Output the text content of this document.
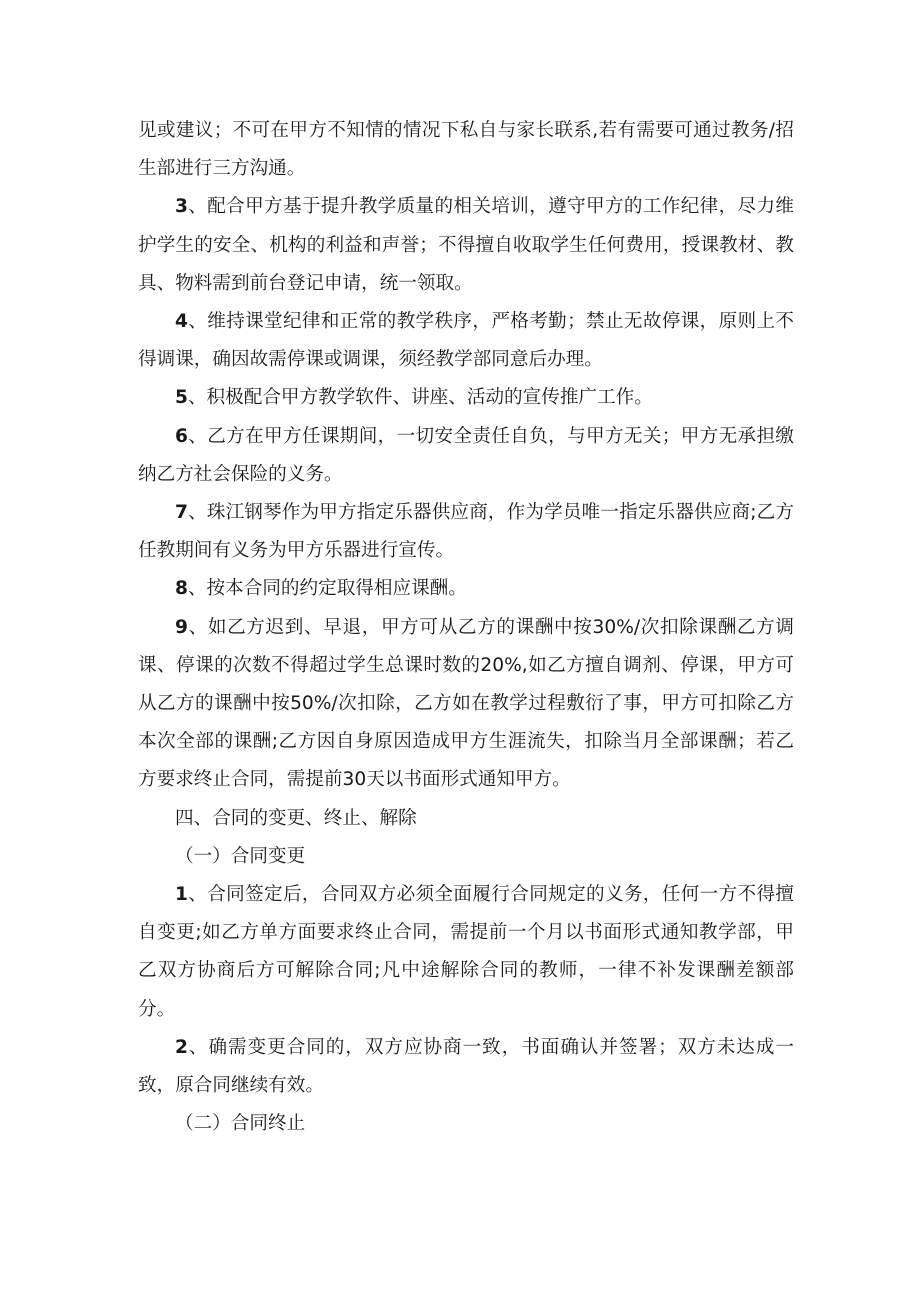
见或建议；不可在甲方不知情的情况下私自与家长联系,若有需要可通过教务/招生部进行三方沟通。

3、配合甲方基于提升教学质量的相关培训，遵守甲方的工作纪律，尽力维护学生的安全、机构的利益和声誉；不得擅自收取学生任何费用，授课教材、教具、物料需到前台登记申请，统一领取。

4、维持课堂纪律和正常的教学秩序，严格考勤；禁止无故停课，原则上不得调课，确因故需停课或调课，须经教学部同意后办理。

5、积极配合甲方教学软件、讲座、活动的宣传推广工作。

6、乙方在甲方任课期间，一切安全责任自负，与甲方无关；甲方无承担缴纳乙方社会保险的义务。

7、珠江钢琴作为甲方指定乐器供应商，作为学员唯一指定乐器供应商;乙方任教期间有义务为甲方乐器进行宣传。

8、按本合同的约定取得相应课酬。

9、如乙方迟到、早退，甲方可从乙方的课酬中按30%/次扣除课酬乙方调课、停课的次数不得超过学生总课时数的20%,如乙方擅自调剂、停课，甲方可从乙方的课酬中按50%/次扣除，乙方如在教学过程敷衍了事，甲方可扣除乙方本次全部的课酬;乙方因自身原因造成甲方生涯流失，扣除当月全部课酬；若乙方要求终止合同，需提前30天以书面形式通知甲方。

四、合同的变更、终止、解除

（一）合同变更

1、合同签定后，合同双方必须全面履行合同规定的义务，任何一方不得擅自变更;如乙方单方面要求终止合同，需提前一个月以书面形式通知教学部，甲乙双方协商后方可解除合同;凡中途解除合同的教师，一律不补发课酬差额部分。

2、确需变更合同的，双方应协商一致，书面确认并签署；双方未达成一致，原合同继续有效。

（二）合同终止
